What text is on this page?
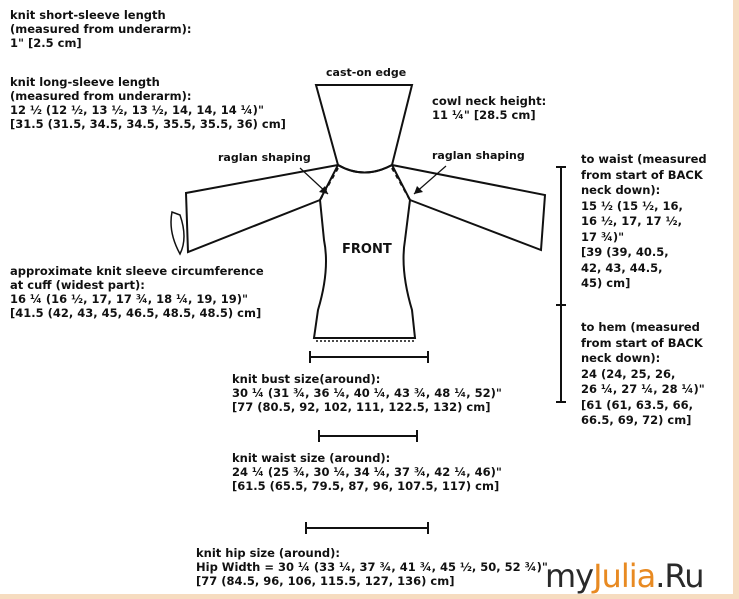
knit short-sleeve length
(measured from underarm):
1" [2.5 cm]
knit long-sleeve length
(measured from underarm):
12 ½ (12 ½, 13 ½, 13 ½, 14, 14, 14 ¼)"
[31.5 (31.5, 34.5, 34.5, 35.5, 35.5, 36) cm]
cast-on edge
cowl neck height:
11 ¼" [28.5 cm]
raglan shaping	raglan shaping
FRONT
to waist (measured
from start of BACK
neck down):
15 ½ (15 ½, 16,
16 ½, 17, 17 ½,
17 ¾)"
[39 (39, 40.5,
42, 43, 44.5,
45) cm]
to hem (measured
from start of BACK
neck down):
24 (24, 25, 26,
26 ¼, 27 ¼, 28 ¼)"
[61 (61, 63.5, 66,
66.5, 69, 72) cm]
approximate knit sleeve circumference
at cuff (widest part):
16 ¼ (16 ½, 17, 17 ¾, 18 ¼, 19, 19)"
[41.5 (42, 43, 45, 46.5, 48.5, 48.5) cm]
knit bust size(around):
30 ¼ (31 ¾, 36 ¼, 40 ¼, 43 ¾, 48 ¼, 52)"
[77 (80.5, 92, 102, 111, 122.5, 132) cm]
knit waist size (around):
24 ¼ (25 ¾, 30 ¼, 34 ¼, 37 ¾, 42 ¼, 46)"
[61.5 (65.5, 79.5, 87, 96, 107.5, 117) cm]
knit hip size (around):
Hip Width = 30 ¼ (33 ¼, 37 ¾, 41 ¾, 45 ½, 50, 52 ¾)"
[77 (84.5, 96, 106, 115.5, 127, 136) cm]	myJulia.Ru
